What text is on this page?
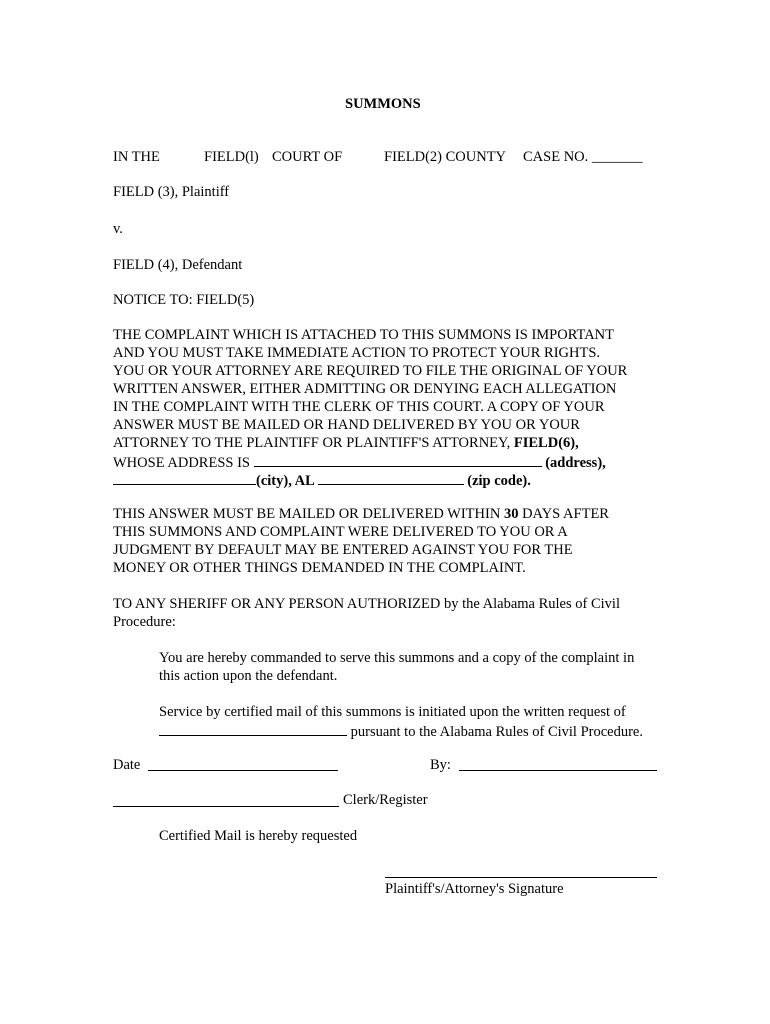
SUMMONS
IN THE	FIELD(l) COURT OF	FIELD(2) COUNTY CASE NO. _______
FIELD (3), Plaintiff
v.
FIELD (4), Defendant
NOTICE TO: FIELD(5)
THE COMPLAINT WHICH IS ATTACHED TO THIS SUMMONS IS IMPORTANT
AND YOU MUST TAKE IMMEDIATE ACTION TO PROTECT YOUR RIGHTS.
YOU OR YOUR ATTORNEY ARE REQUIRED TO FILE THE ORIGINAL OF YOUR
WRITTEN ANSWER, EITHER ADMITTING OR DENYING EACH ALLEGATION
IN THE COMPLAINT WITH THE CLERK OF THIS COURT. A COPY OF YOUR
ANSWER MUST BE MAILED OR HAND DELIVERED BY YOU OR YOUR
ATTORNEY TO THE PLAINTIFF OR PLAINTIFF'S ATTORNEY, FIELD(6),
WHOSE ADDRESS IS	(address),
(city), AL	(zip code).
THIS ANSWER MUST BE MAILED OR DELIVERED WITHIN 30 DAYS AFTER
THIS SUMMONS AND COMPLAINT WERE DELIVERED TO YOU OR A
JUDGMENT BY DEFAULT MAY BE ENTERED AGAINST YOU FOR THE
MONEY OR OTHER THINGS DEMANDED IN THE COMPLAINT.
TO ANY SHERIFF OR ANY PERSON AUTHORIZED by the Alabama Rules of Civil
Procedure:
You are hereby commanded to serve this summons and a copy of the complaint in
this action upon the defendant.
Service by certified mail of this summons is initiated upon the written request of
pursuant to the Alabama Rules of Civil Procedure.
Date	By:
Clerk/Register
Certified Mail is hereby requested
Plaintiff's/Attorney's Signature
